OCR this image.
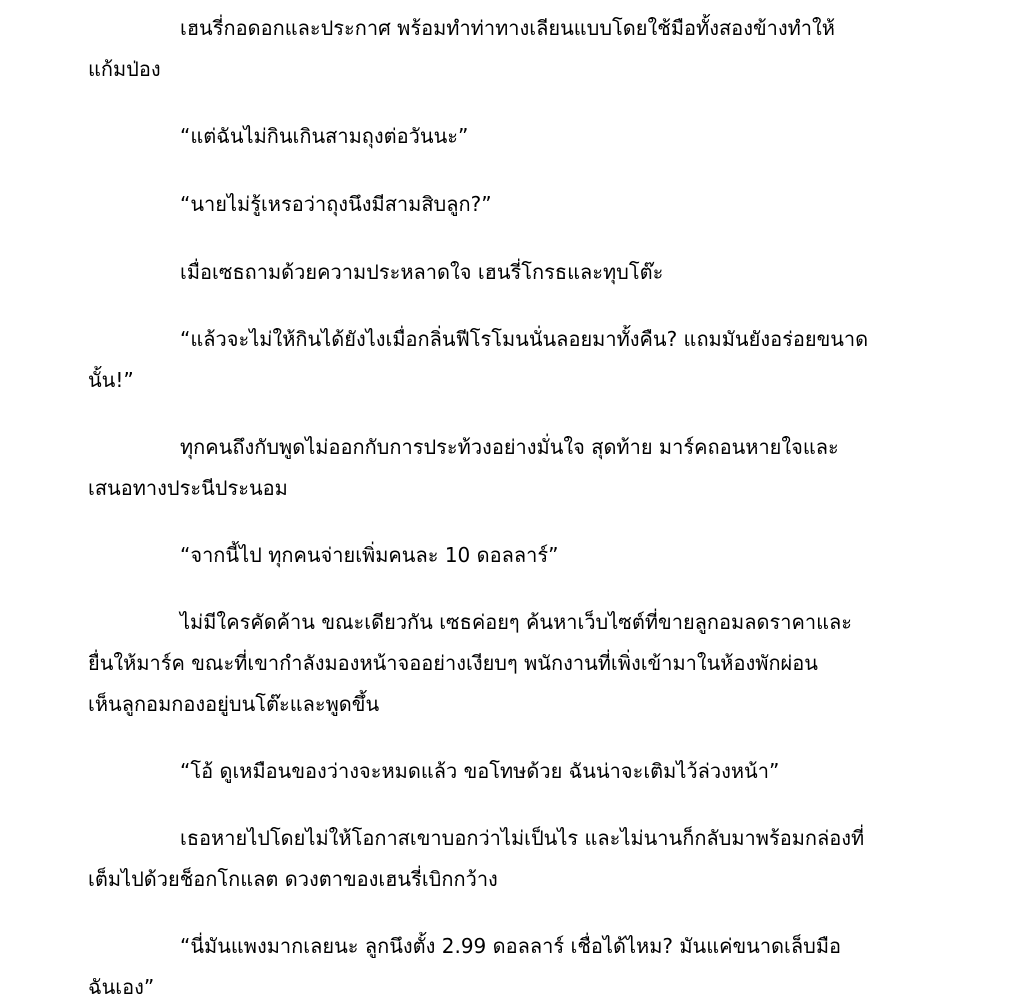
เฮนรี่กอดอกและประกาศ พร้อมทำท่าทางเลียนแบบโดยใช้มือทั้งสองข้างทำให้
แก้มป่อง

“แต่ฉันไม่กินเกินสามถุงต่อวันนะ”

“นายไม่รู้เหรอว่าถุงนึงมีสามสิบลูก?”

เมื่อเซธถามด้วยความประหลาดใจ เฮนรี่โกรธและทุบโต๊ะ

“แล้วจะไม่ให้กินได้ยังไงเมื่อกลิ่นฟีโรโมนนั่นลอยมาทั้งคืน? แถมมันยังอร่อยขนาด
นั้น!”

ทุกคนถึงกับพูดไม่ออกกับการประท้วงอย่างมั่นใจ สุดท้าย มาร์คถอนหายใจและ
เสนอทางประนีประนอม

“จากนี้ไป ทุกคนจ่ายเพิ่มคนละ 10 ดอลลาร์”

ไม่มีใครคัดค้าน ขณะเดียวกัน เซธค่อยๆ ค้นหาเว็บไซต์ที่ขายลูกอมลดราคาและ
ยื่นให้มาร์ค ขณะที่เขากำลังมองหน้าจออย่างเงียบๆ พนักงานที่เพิ่งเข้ามาในห้องพักผ่อน
เห็นลูกอมกองอยู่บนโต๊ะและพูดขึ้น

“โอ้ ดูเหมือนของว่างจะหมดแล้ว ขอโทษด้วย ฉันน่าจะเติมไว้ล่วงหน้า”

เธอหายไปโดยไม่ให้โอกาสเขาบอกว่าไม่เป็นไร และไม่นานก็กลับมาพร้อมกล่องที่
เต็มไปด้วยช็อกโกแลต ดวงตาของเฮนรี่เบิกกว้าง

“นี่มันแพงมากเลยนะ ลูกนึงตั้ง 2.99 ดอลลาร์ เชื่อได้ไหม? มันแค่ขนาดเล็บมือ
ฉันเอง”
